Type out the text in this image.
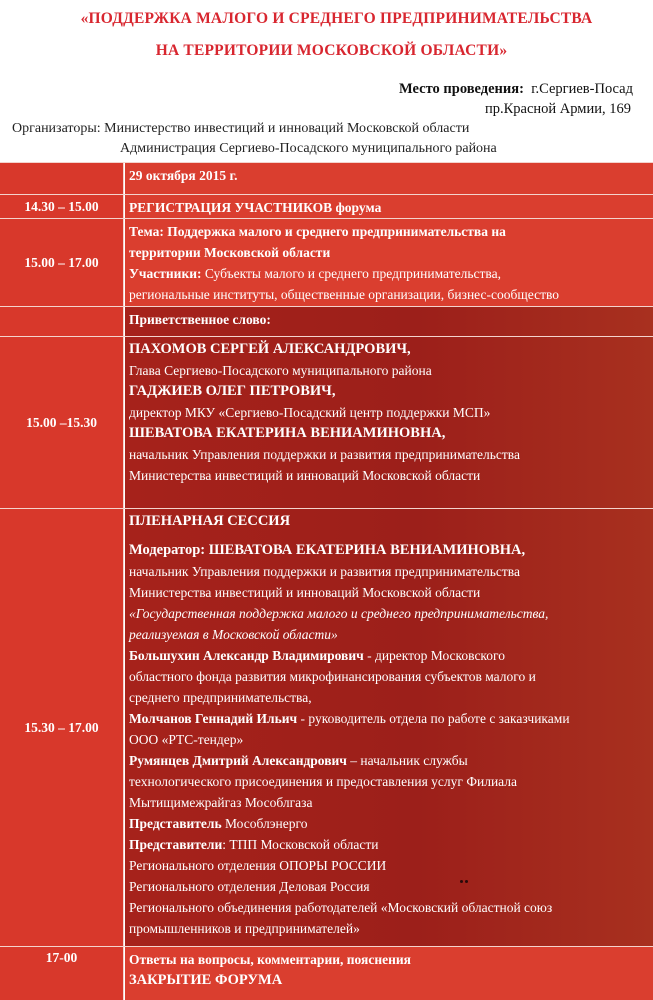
«ПОДДЕРЖКА МАЛОГО И СРЕДНЕГО ПРЕДПРИНИМАТЕЛЬСТВА
НА ТЕРРИТОРИИ МОСКОВСКОЙ ОБЛАСТИ»
Место проведения: г.Сергиев-Посад
пр.Красной Армии, 169
Организаторы: Министерство инвестиций и инноваций Московской области
Администрация Сергиево-Посадского муниципального района
29 октября 2015 г.
14.30 – 15.00	РЕГИСТРАЦИЯ УЧАСТНИКОВ форума
15.00 – 17.00
Тема: Поддержка малого и среднего предпринимательства на
территории Московской области
Участники: Субъекты малого и среднего предпринимательства,
региональные институты, общественные организации, бизнес-сообщество
Приветственное слово:
15.00 –15.30
ПАХОМОВ СЕРГЕЙ АЛЕКСАНДРОВИЧ,
Глава Сергиево-Посадского муниципального района
ГАДЖИЕВ ОЛЕГ ПЕТРОВИЧ,
директор МКУ «Сергиево-Посадский центр поддержки МСП»
ШЕВАТОВА ЕКАТЕРИНА ВЕНИАМИНОВНА,
начальник Управления поддержки и развития предпринимательства
Министерства инвестиций и инноваций Московской области
15.30 – 17.00
ПЛЕНАРНАЯ СЕССИЯ
Модератор: ШЕВАТОВА ЕКАТЕРИНА ВЕНИАМИНОВНА,
начальник Управления поддержки и развития предпринимательства
Министерства инвестиций и инноваций Московской области
«Государственная поддержка малого и среднего предпринимательства,
реализуемая в Московской области»
Большухин Александр Владимирович - директор Московского
областного фонда развития микрофинансирования субъектов малого и
среднего предпринимательства,
Молчанов Геннадий Ильич - руководитель отдела по работе с заказчиками
ООО «РТС-тендер»
Румянцев Дмитрий Александрович – начальник службы
технологического присоединения и предоставления услуг Филиала
Мытищимежрайгаз Мособлгаза
Представитель Мособлэнерго
Представители: ТПП Московской области
Регионального отделения ОПОРЫ РОССИИ
Регионального отделения Деловая Россия
Регионального объединения работодателей «Московский областной союз
промышленников и предпринимателей»
17-00	Ответы на вопросы, комментарии, пояснения
ЗАКРЫТИЕ ФОРУМА
